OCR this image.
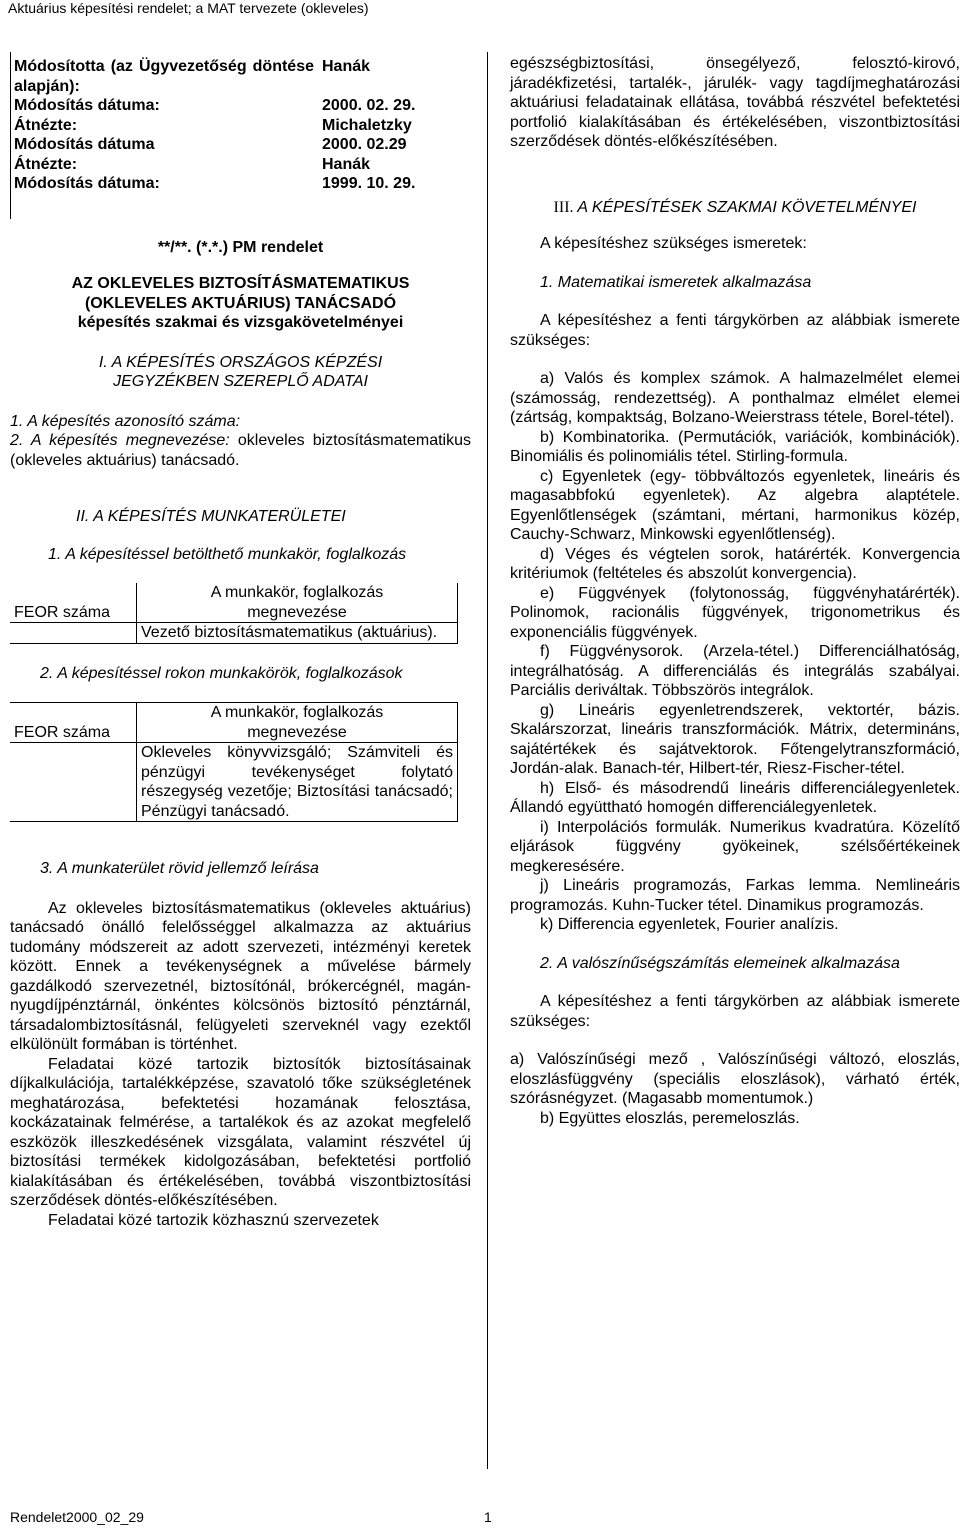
Aktuárius képesítési rendelet; a MAT tervezete (okleveles)
Módosította (az Ügyvezetőség döntése alapján):	Hanák
Módosítás dátuma:	2000. 02. 29.
Átnézte:	Michaletzky
Módosítás dátuma	2000. 02.29
Átnézte:	Hanák
Módosítás dátuma:	1999. 10. 29.

**/**. (*.*.) PM rendelet

AZ OKLEVELES BIZTOSÍTÁSMATEMATIKUS (OKLEVELES AKTUÁRIUS) TANÁCSADÓ

képesítés szakmai és vizsgakövetelményei

I. A KÉPESÍTÉS ORSZÁGOS KÉPZÉSI JEGYZÉKBEN SZEREPLŐ ADATAI

1. A képesítés azonosító száma:

2. A képesítés megnevezése: okleveles biztosításmatematikus (okleveles aktuárius) tanácsadó.

II. A KÉPESÍTÉS MUNKATERÜLETEI

1. A képesítéssel betölthető munkakör, foglalkozás

FEOR száma	A munkakör, foglalkozás
megnevezése
	Vezető biztosításmatematikus (aktuárius).

2. A képesítéssel rokon munkakörök, foglalkozások

FEOR száma	A munkakör, foglalkozás
megnevezése
	Okleveles könyvvizsgáló; Számviteli és pénzügyi tevékenységet folytató részegység vezetője; Biztosítási tanácsadó; Pénzügyi tanácsadó.

3. A munkaterület rövid jellemző leírása

Az okleveles biztosításmatematikus (okleveles aktuárius) tanácsadó önálló felelősséggel alkalmazza az aktuárius tudomány módszereit az adott szervezeti, intézményi keretek között. Ennek a tevékenységnek a művelése bármely gazdálkodó szervezetnél, biztosítónál, brókercégnél, magán- nyugdíjpénztárnál, önkéntes kölcsönös biztosító pénztárnál, társadalombiztosításnál, felügyeleti szerveknél vagy ezektől elkülönült formában is történhet.

Feladatai közé tartozik biztosítók biztosításainak díjkalkulációja, tartalékképzése, szavatoló tőke szükségletének meghatározása, befektetési hozamának felosztása, kockázatainak felmérése, a tartalékok és az azokat megfelelő eszközök illeszkedésének vizsgálata, valamint részvétel új biztosítási termékek kidolgozásában, befektetési portfolió kialakításában és értékelésében, továbbá viszontbiztosítási szerződések döntés-előkészítésében.

Feladatai közé tartozik közhasznú szervezetek

egészségbiztosítási, önsegélyező, felosztó-kirovó, járadékfizetési, tartalék-, járulék- vagy tagdíjmeghatározási aktuáriusi feladatainak ellátása, továbbá részvétel befektetési portfolió kialakításában és értékelésében, viszontbiztosítási szerződések döntés-előkészítésében.

III. A KÉPESÍTÉSEK SZAKMAI KÖVETELMÉNYEI

A képesítéshez szükséges ismeretek:

1. Matematikai ismeretek alkalmazása

A képesítéshez a fenti tárgykörben az alábbiak ismerete szükséges:

a) Valós és komplex számok. A halmazelmélet elemei (számosság, rendezettség). A ponthalmaz elmélet elemei (zártság, kompaktság, Bolzano-Weierstrass tétele, Borel-tétel).

b) Kombinatorika. (Permutációk, variációk, kombinációk). Binomiális és polinomiális tétel. Stirling-formula.

c) Egyenletek (egy- többváltozós egyenletek, lineáris és magasabbfokú egyenletek). Az algebra alaptétele. Egyenlőtlenségek (számtani, mértani, harmonikus közép, Cauchy-Schwarz, Minkowski egyenlőtlenség).

d) Véges és végtelen sorok, határérték. Konvergencia kritériumok (feltételes és abszolút konvergencia).

e) Függvények (folytonosság, függvényhatárérték). Polinomok, racionális függvények, trigonometrikus és exponenciális függvények.

f) Függvénysorok. (Arzela-tétel.) Differenciálhatóság, integrálhatóság. A differenciálás és integrálás szabályai. Parciális deriváltak. Többszörös integrálok.

g) Lineáris egyenletrendszerek, vektortér, bázis. Skalárszorzat, lineáris transzformációk. Mátrix, determináns, sajátértékek és sajátvektorok. Főtengelytranszformáció, Jordán-alak. Banach-tér, Hilbert-tér, Riesz-Fischer-tétel.

h) Első- és másodrendű lineáris differenciálegyenletek. Állandó együttható homogén differenciálegyenletek.

i) Interpolációs formulák. Numerikus kvadratúra. Közelítő eljárások függvény gyökeinek, szélsőértékeinek megkeresésére.

j) Lineáris programozás, Farkas lemma. Nemlineáris programozás. Kuhn-Tucker tétel. Dinamikus programozás.

k) Differencia egyenletek, Fourier analízis.

2. A valószínűségszámítás elemeinek alkalmazása

A képesítéshez a fenti tárgykörben az alábbiak ismerete szükséges:

a) Valószínűségi mező , Valószínűségi változó, eloszlás, eloszlásfüggvény (speciális eloszlások), várható érték, szórásnégyzet. (Magasabb momentumok.)

b) Együttes eloszlás, peremeloszlás.

Rendelet2000_02_29	1
